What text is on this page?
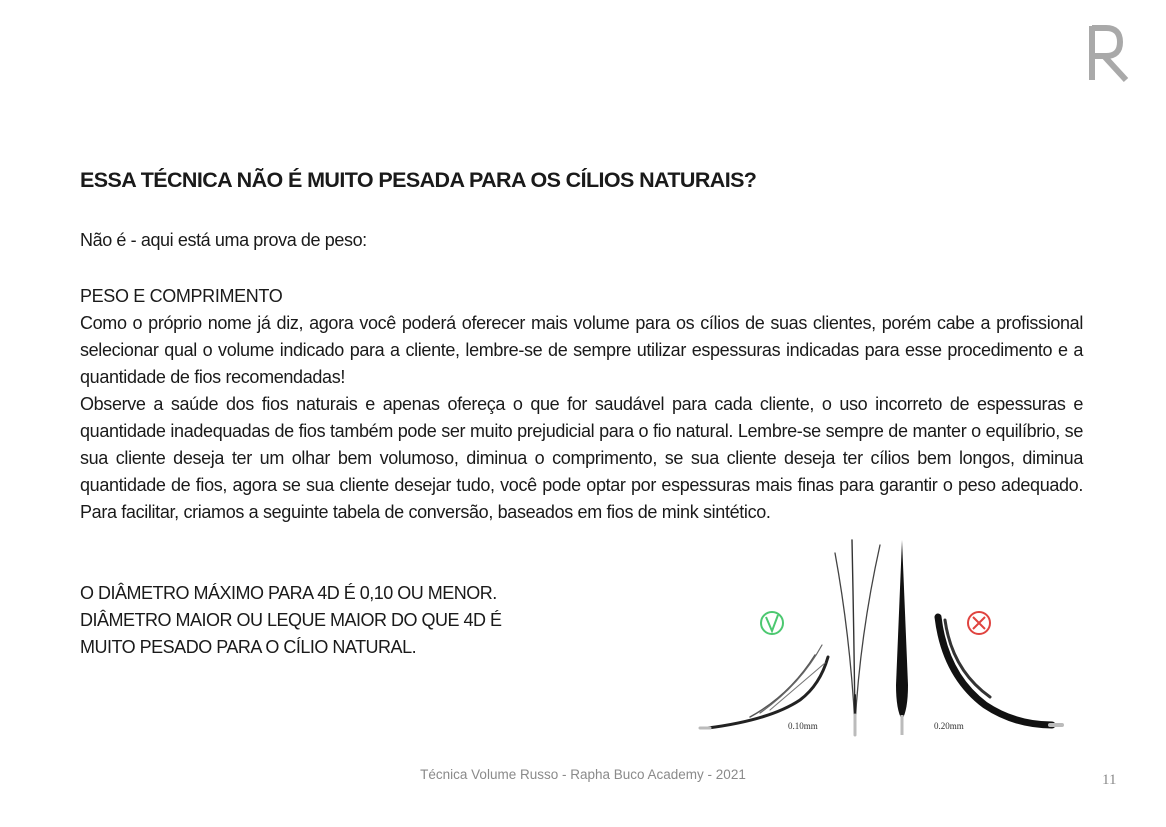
ESSA TÉCNICA NÃO É MUITO PESADA PARA OS CÍLIOS NATURAIS?

Não é - aqui está uma prova de peso:

PESO E COMPRIMENTO

Como o próprio nome já diz, agora você poderá oferecer mais volume para os cílios de suas clientes, porém cabe a profissional selecionar qual o volume indicado para a cliente, lembre-se de sempre utilizar espessuras indicadas para esse procedimento e a quantidade de fios recomendadas!

Observe a saúde dos fios naturais e apenas ofereça o que for saudável para cada cliente, o uso incorreto de espessuras e quantidade inadequadas de fios também pode ser muito prejudicial para o fio natural. Lembre-se sempre de manter o equilíbrio, se sua cliente deseja ter um olhar bem volumoso, diminua o comprimento, se sua cliente deseja ter cílios bem longos, diminua quantidade de fios, agora se sua cliente desejar tudo, você pode optar por espessuras mais finas para garantir o peso adequado. Para facilitar, criamos a seguinte tabela de conversão, baseados em fios de mink sintético.

O DIÂMETRO MÁXIMO PARA 4D É 0,10 OU MENOR.
DIÂMETRO MAIOR OU LEQUE MAIOR DO QUE 4D É
MUITO PESADO PARA O CÍLIO NATURAL.
0.10mm	0.20mm
Técnica Volume Russo - Rapha Buco Academy - 2021	11
